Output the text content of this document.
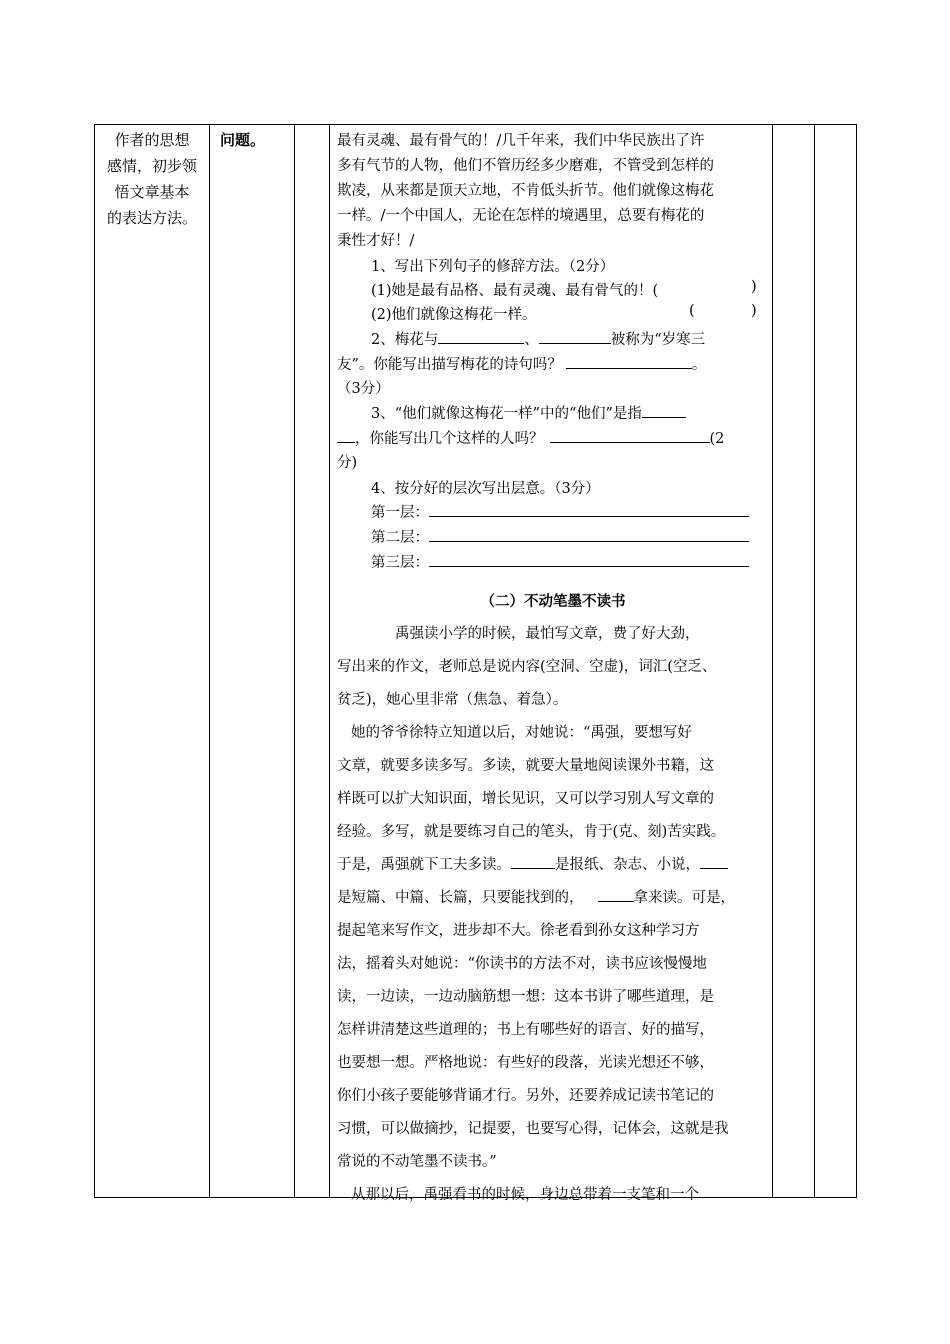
作者的思想
感情，初步领
悟文章基本
的表达方法。
问题。	最有灵魂、最有骨气的！/几千年来，我们中华民族出了许
多有气节的人物，他们不管历经多少磨难，不管受到怎样的
欺凌，从来都是顶天立地，不肯低头折节。他们就像这梅花
一样。/一个中国人，无论在怎样的境遇里，总要有梅花的
秉性才好！/
1、写出下列句子的修辞方法。（2分）
(1)她是最有品格、最有灵魂、最有骨气的！(	)
(2)他们就像这梅花一样。	(	)
2、梅花与	、	被称为“岁寒三
友”。你能写出描写梅花的诗句吗？	。
（3分）
3、“他们就像这梅花一样”中的“他们”是指
，你能写出几个这样的人吗？	(2
分)
4、按分好的层次写出层意。（3分）
第一层：
第二层：
第三层：
（二）不动笔墨不读书
禹强读小学的时候，最怕写文章，费了好大劲，
写出来的作文，老师总是说内容(空洞、空虚)，词汇(空乏、
贫乏)，她心里非常（焦急、着急）。
她的爷爷徐特立知道以后，对她说：“禹强，要想写好
文章，就要多读多写。多读，就要大量地阅读课外书籍，这
样既可以扩大知识面，增长见识，又可以学习别人写文章的
经验。多写，就是要练习自己的笔头，肯于(克、刻)苦实践。
于是，禹强就下工夫多读。	是报纸、杂志、小说，
是短篇、中篇、长篇，只要能找到的，	拿来读。可是，
提起笔来写作文，进步却不大。徐老看到孙女这种学习方
法，摇着头对她说：“你读书的方法不对，读书应该慢慢地
读，一边读，一边动脑筋想一想：这本书讲了哪些道理，是
怎样讲清楚这些道理的；书上有哪些好的语言、好的描写，
也要想一想。严格地说：有些好的段落，光读光想还不够，
你们小孩子要能够背诵才行。另外，还要养成记读书笔记的
习惯，可以做摘抄，记提要，也要写心得，记体会，这就是我
常说的不动笔墨不读书。”
从那以后，禹强看书的时候，身边总带着一支笔和一个
